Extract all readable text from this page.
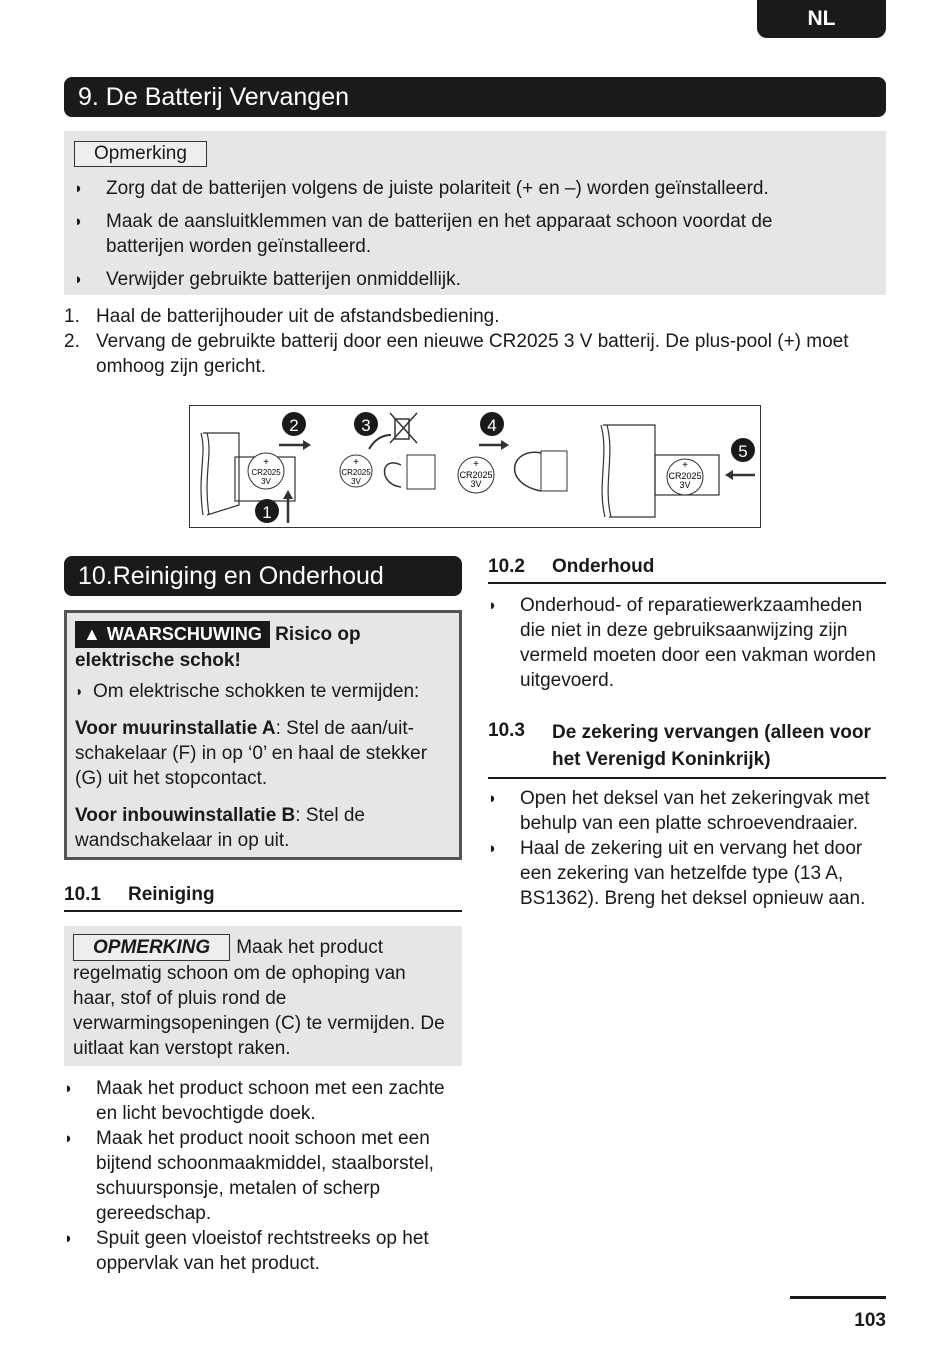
NL
9. De Batterij Vervangen
Opmerking
◗ Zorg dat de batterijen volgens de juiste polariteit (+ en –) worden geïnstalleerd.
◗ Maak de aansluitklemmen van de batterijen en het apparaat schoon voordat de batterijen worden geïnstalleerd.
◗ Verwijder gebruikte batterijen onmiddellijk.
1. Haal de batterijhouder uit de afstandsbediening.
2. Vervang de gebruikte batterij door een nieuwe CR2025 3 V batterij. De plus-pool (+) moet omhoog zijn gericht.
+
CR2025
3V
2
1
+
CR2025
3V
3
+
CR2025
3V
4
+
CR2025
3V
5
10.Reiniging en Onderhoud
▲ WAARSCHUWING Risico op elektrische schok!
◗ Om elektrische schokken te vermijden:

Voor muurinstallatie A: Stel de aan/uit-schakelaar (F) in op ‘0’ en haal de stekker (G) uit het stopcontact.

Voor inbouwinstallatie B: Stel de wandschakelaar in op uit.

10.1 Reiniging

OPMERKING Maak het product regelmatig schoon om de ophoping van haar, stof of pluis rond de verwarmingsopeningen (C) te vermijden. De uitlaat kan verstopt raken.

◗ Maak het product schoon met een zachte en licht bevochtigde doek.
◗ Maak het product nooit schoon met een bijtend schoonmaakmiddel, staalborstel, schuursponsje, metalen of scherp gereedschap.
◗ Spuit geen vloeistof rechtstreeks op het oppervlak van het product.
10.2 Onderhoud
◗ Onderhoud- of reparatiewerkzaamheden die niet in deze gebruiksaanwijzing zijn vermeld moeten door een vakman worden uitgevoerd.
10.3	De zekering vervangen (alleen voor het Verenigd Koninkrijk)
◗ Open het deksel van het zekeringvak met behulp van een platte schroevendraaier.
◗ Haal de zekering uit en vervang het door een zekering van hetzelfde type (13 A, BS1362). Breng het deksel opnieuw aan.
103
